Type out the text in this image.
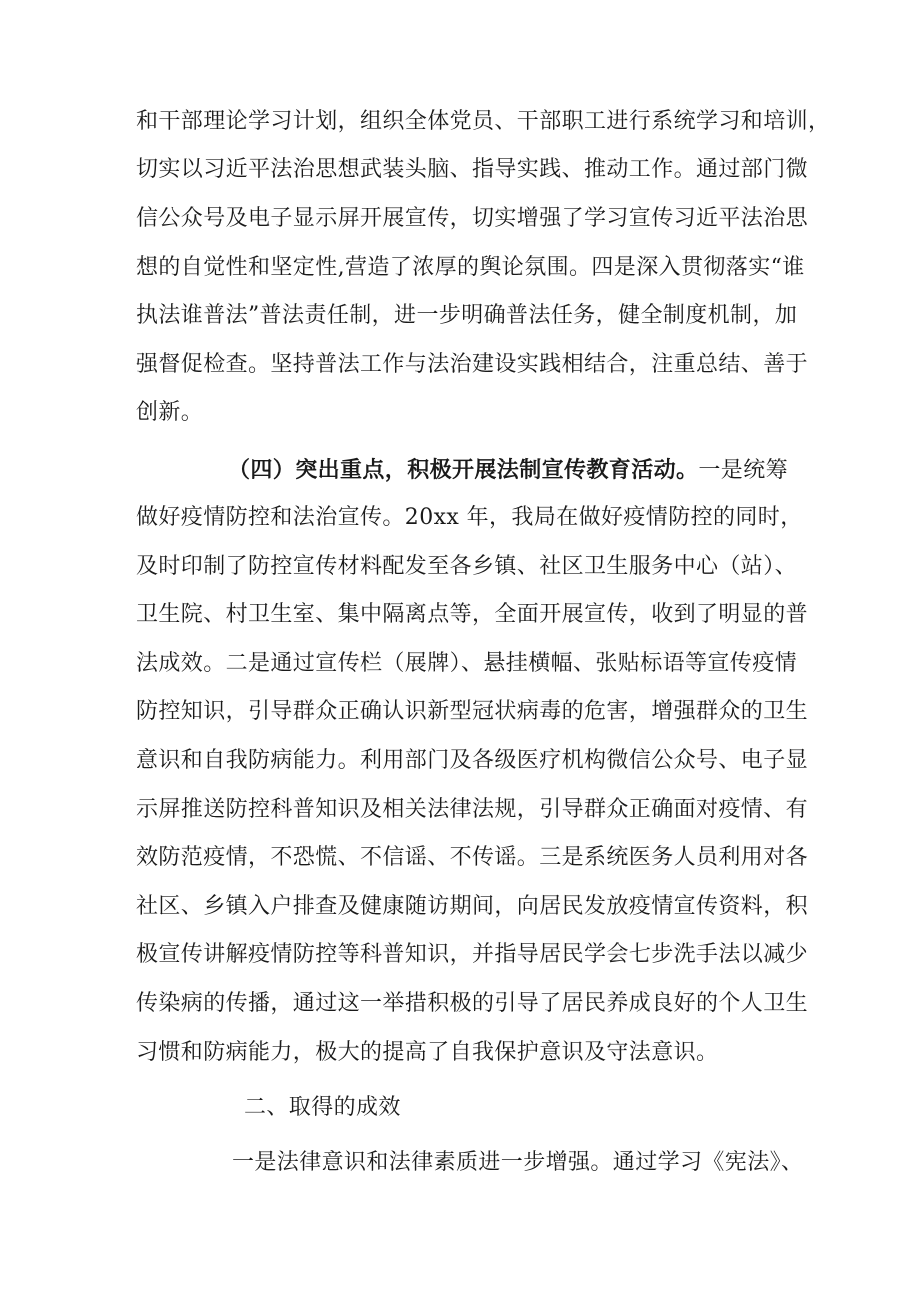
和干部理论学习计划，组织全体党员、干部职工进行系统学习和培训，
切实以习近平法治思想武装头脑、指导实践、推动工作。通过部门微
信公众号及电子显示屏开展宣传，切实增强了学习宣传习近平法治思
想的自觉性和坚定性,营造了浓厚的舆论氛围。四是深入贯彻落实“谁
执法谁普法”普法责任制，进一步明确普法任务，健全制度机制，加
强督促检查。坚持普法工作与法治建设实践相结合，注重总结、善于
创新。
（四）突出重点，积极开展法制宣传教育活动。一是统筹
做好疫情防控和法治宣传。20xx 年，我局在做好疫情防控的同时，
及时印制了防控宣传材料配发至各乡镇、社区卫生服务中心（站）、
卫生院、村卫生室、集中隔离点等，全面开展宣传，收到了明显的普
法成效。二是通过宣传栏（展牌）、悬挂横幅、张贴标语等宣传疫情
防控知识，引导群众正确认识新型冠状病毒的危害，增强群众的卫生
意识和自我防病能力。利用部门及各级医疗机构微信公众号、电子显
示屏推送防控科普知识及相关法律法规，引导群众正确面对疫情、有
效防范疫情，不恐慌、不信谣、不传谣。三是系统医务人员利用对各
社区、乡镇入户排查及健康随访期间，向居民发放疫情宣传资料，积
极宣传讲解疫情防控等科普知识，并指导居民学会七步洗手法以减少
传染病的传播，通过这一举措积极的引导了居民养成良好的个人卫生
习惯和防病能力，极大的提高了自我保护意识及守法意识。
二、取得的成效
一是法律意识和法律素质进一步增强。通过学习《宪法》、
